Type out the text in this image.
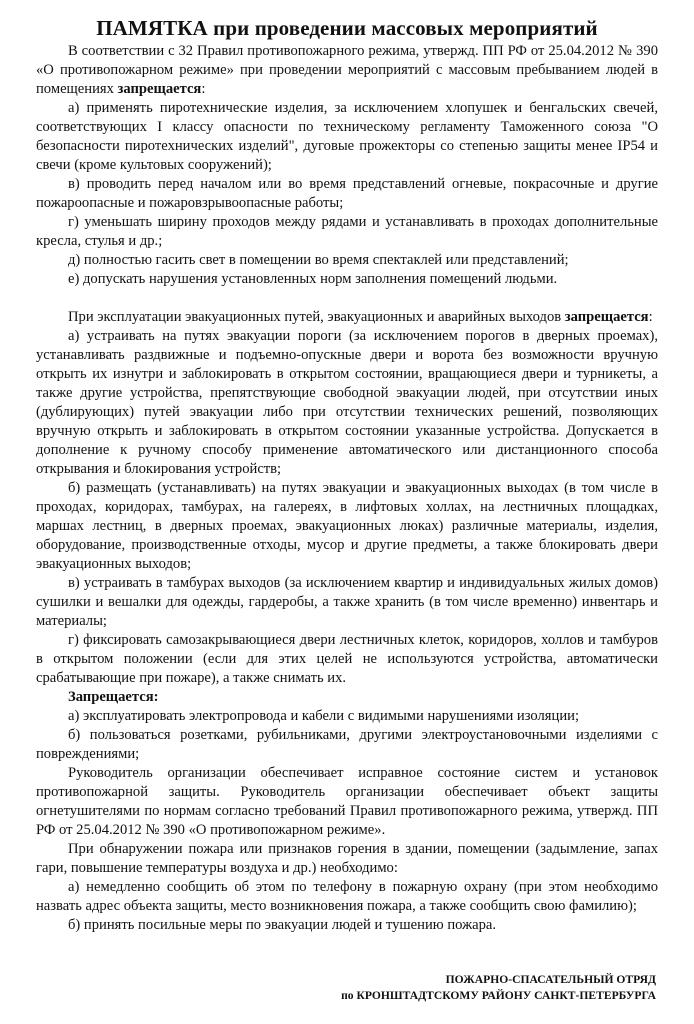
ПАМЯТКА при проведении массовых мероприятий

В соответствии с 32 Правил противопожарного режима, утвержд. ПП РФ от 25.04.2012 № 390 «О противопожарном режиме» при проведении мероприятий с массовым пребыванием людей в помещениях запрещается:

а) применять пиротехнические изделия, за исключением хлопушек и бенгальских свечей, соответствующих I классу опасности по техническому регламенту Таможенного союза "О безопасности пиротехнических изделий", дуговые прожекторы со степенью защиты менее IP54 и свечи (кроме культовых сооружений);

в) проводить перед началом или во время представлений огневые, покрасочные и другие пожароопасные и пожаровзрывоопасные работы;

г) уменьшать ширину проходов между рядами и устанавливать в проходах дополнительные кресла, стулья и др.;

д) полностью гасить свет в помещении во время спектаклей или представлений;

е) допускать нарушения установленных норм заполнения помещений людьми.

При эксплуатации эвакуационных путей, эвакуационных и аварийных выходов запрещается:

а) устраивать на путях эвакуации пороги (за исключением порогов в дверных проемах), устанавливать раздвижные и подъемно-опускные двери и ворота без возможности вручную открыть их изнутри и заблокировать в открытом состоянии, вращающиеся двери и турникеты, а также другие устройства, препятствующие свободной эвакуации людей, при отсутствии иных (дублирующих) путей эвакуации либо при отсутствии технических решений, позволяющих вручную открыть и заблокировать в открытом состоянии указанные устройства. Допускается в дополнение к ручному способу применение автоматического или дистанционного способа открывания и блокирования устройств;

б) размещать (устанавливать) на путях эвакуации и эвакуационных выходах (в том числе в проходах, коридорах, тамбурах, на галереях, в лифтовых холлах, на лестничных площадках, маршах лестниц, в дверных проемах, эвакуационных люках) различные материалы, изделия, оборудование, производственные отходы, мусор и другие предметы, а также блокировать двери эвакуационных выходов;

в) устраивать в тамбурах выходов (за исключением квартир и индивидуальных жилых домов) сушилки и вешалки для одежды, гардеробы, а также хранить (в том числе временно) инвентарь и материалы;

г) фиксировать самозакрывающиеся двери лестничных клеток, коридоров, холлов и тамбуров в открытом положении (если для этих целей не используются устройства, автоматически срабатывающие при пожаре), а также снимать их.

Запрещается:

а) эксплуатировать электропровода и кабели с видимыми нарушениями изоляции;

б) пользоваться розетками, рубильниками, другими электроустановочными изделиями с повреждениями;

Руководитель организации обеспечивает исправное состояние систем и установок противопожарной защиты. Руководитель организации обеспечивает объект защиты огнетушителями по нормам согласно требований Правил противопожарного режима, утвержд. ПП РФ от 25.04.2012 № 390 «О противопожарном режиме».

При обнаружении пожара или признаков горения в здании, помещении (задымление, запах гари, повышение температуры воздуха и др.) необходимо:

а) немедленно сообщить об этом по телефону в пожарную охрану (при этом необходимо назвать адрес объекта защиты, место возникновения пожара, а также сообщить свою фамилию);

б) принять посильные меры по эвакуации людей и тушению пожара.

ПОЖАРНО-СПАСАТЕЛЬНЫЙ ОТРЯД
по КРОНШТАДТСКОМУ РАЙОНУ САНКТ-ПЕТЕРБУРГА
